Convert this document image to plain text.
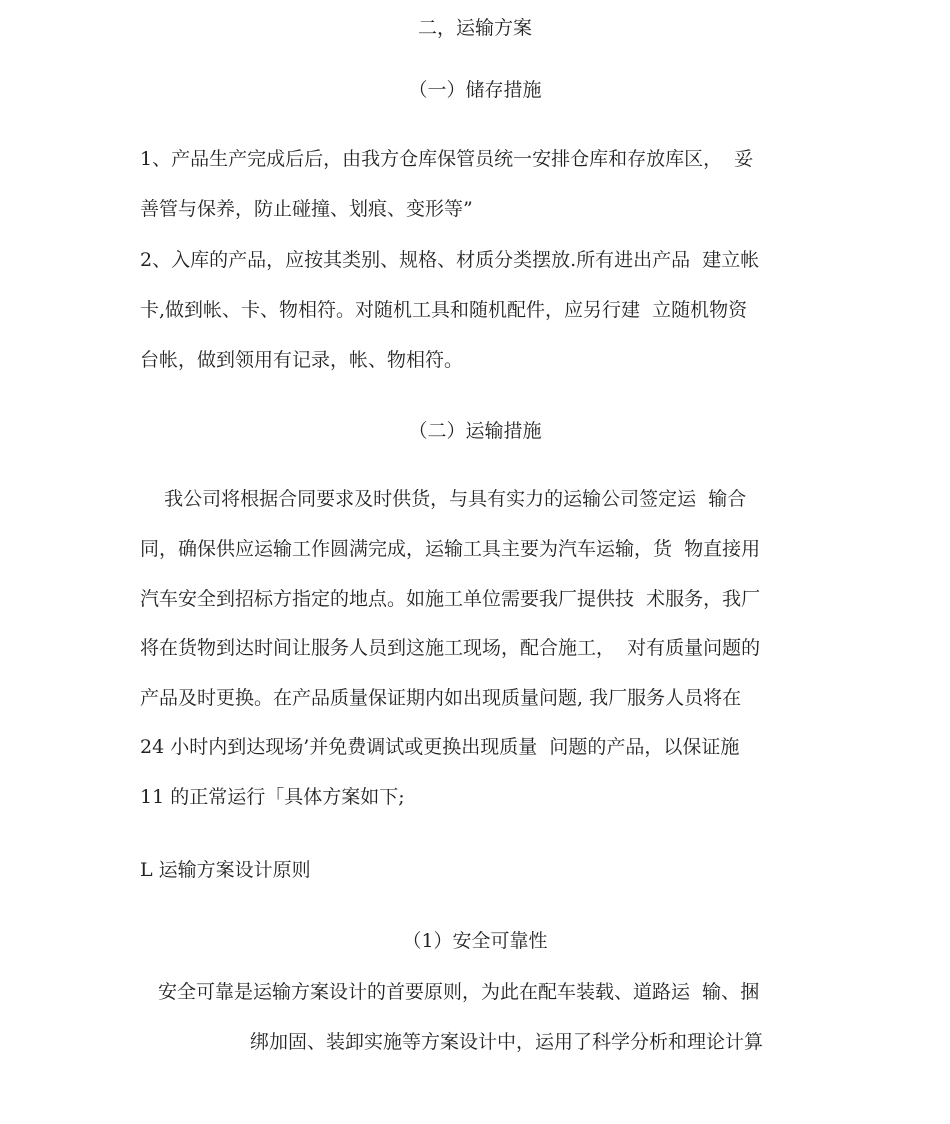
二，运输方案

（一）储存措施

1、产品生产完成后后，由我方仓库保管员统一安排仓库和存放库区，  妥

善管与保养，防止碰撞、划痕、变形等”

2、入库的产品，应按其类别、规格、材质分类摆放.所有进出产品  建立帐

卡,做到帐、卡、物相符。对随机工具和随机配件，应另行建  立随机物资

台帐，做到领用有记录，帐、物相符。

（二）运输措施

我公司将根据合同要求及时供货，与具有实力的运输公司签定运  输合

同，确保供应运输工作圆满完成，运输工具主要为汽车运输，货  物直接用

汽车安全到招标方指定的地点。如施工单位需要我厂提供技  术服务，我厂

将在货物到达时间让服务人员到这施工现场，配合施工，  对有质量问题的

产品及时更换。在产品质量保证期内如出现质量问题, 我厂服务人员将在

24 小时内到达现场’并免费调试或更换出现质量  问题的产品，以保证施

11 的正常运行「具体方案如下;

L 运输方案设计原则

（1）安全可靠性

安全可靠是运输方案设计的首要原则，为此在配车装载、道路运  输、捆

绑加固、装卸实施等方案设计中，运用了科学分析和理论计算
